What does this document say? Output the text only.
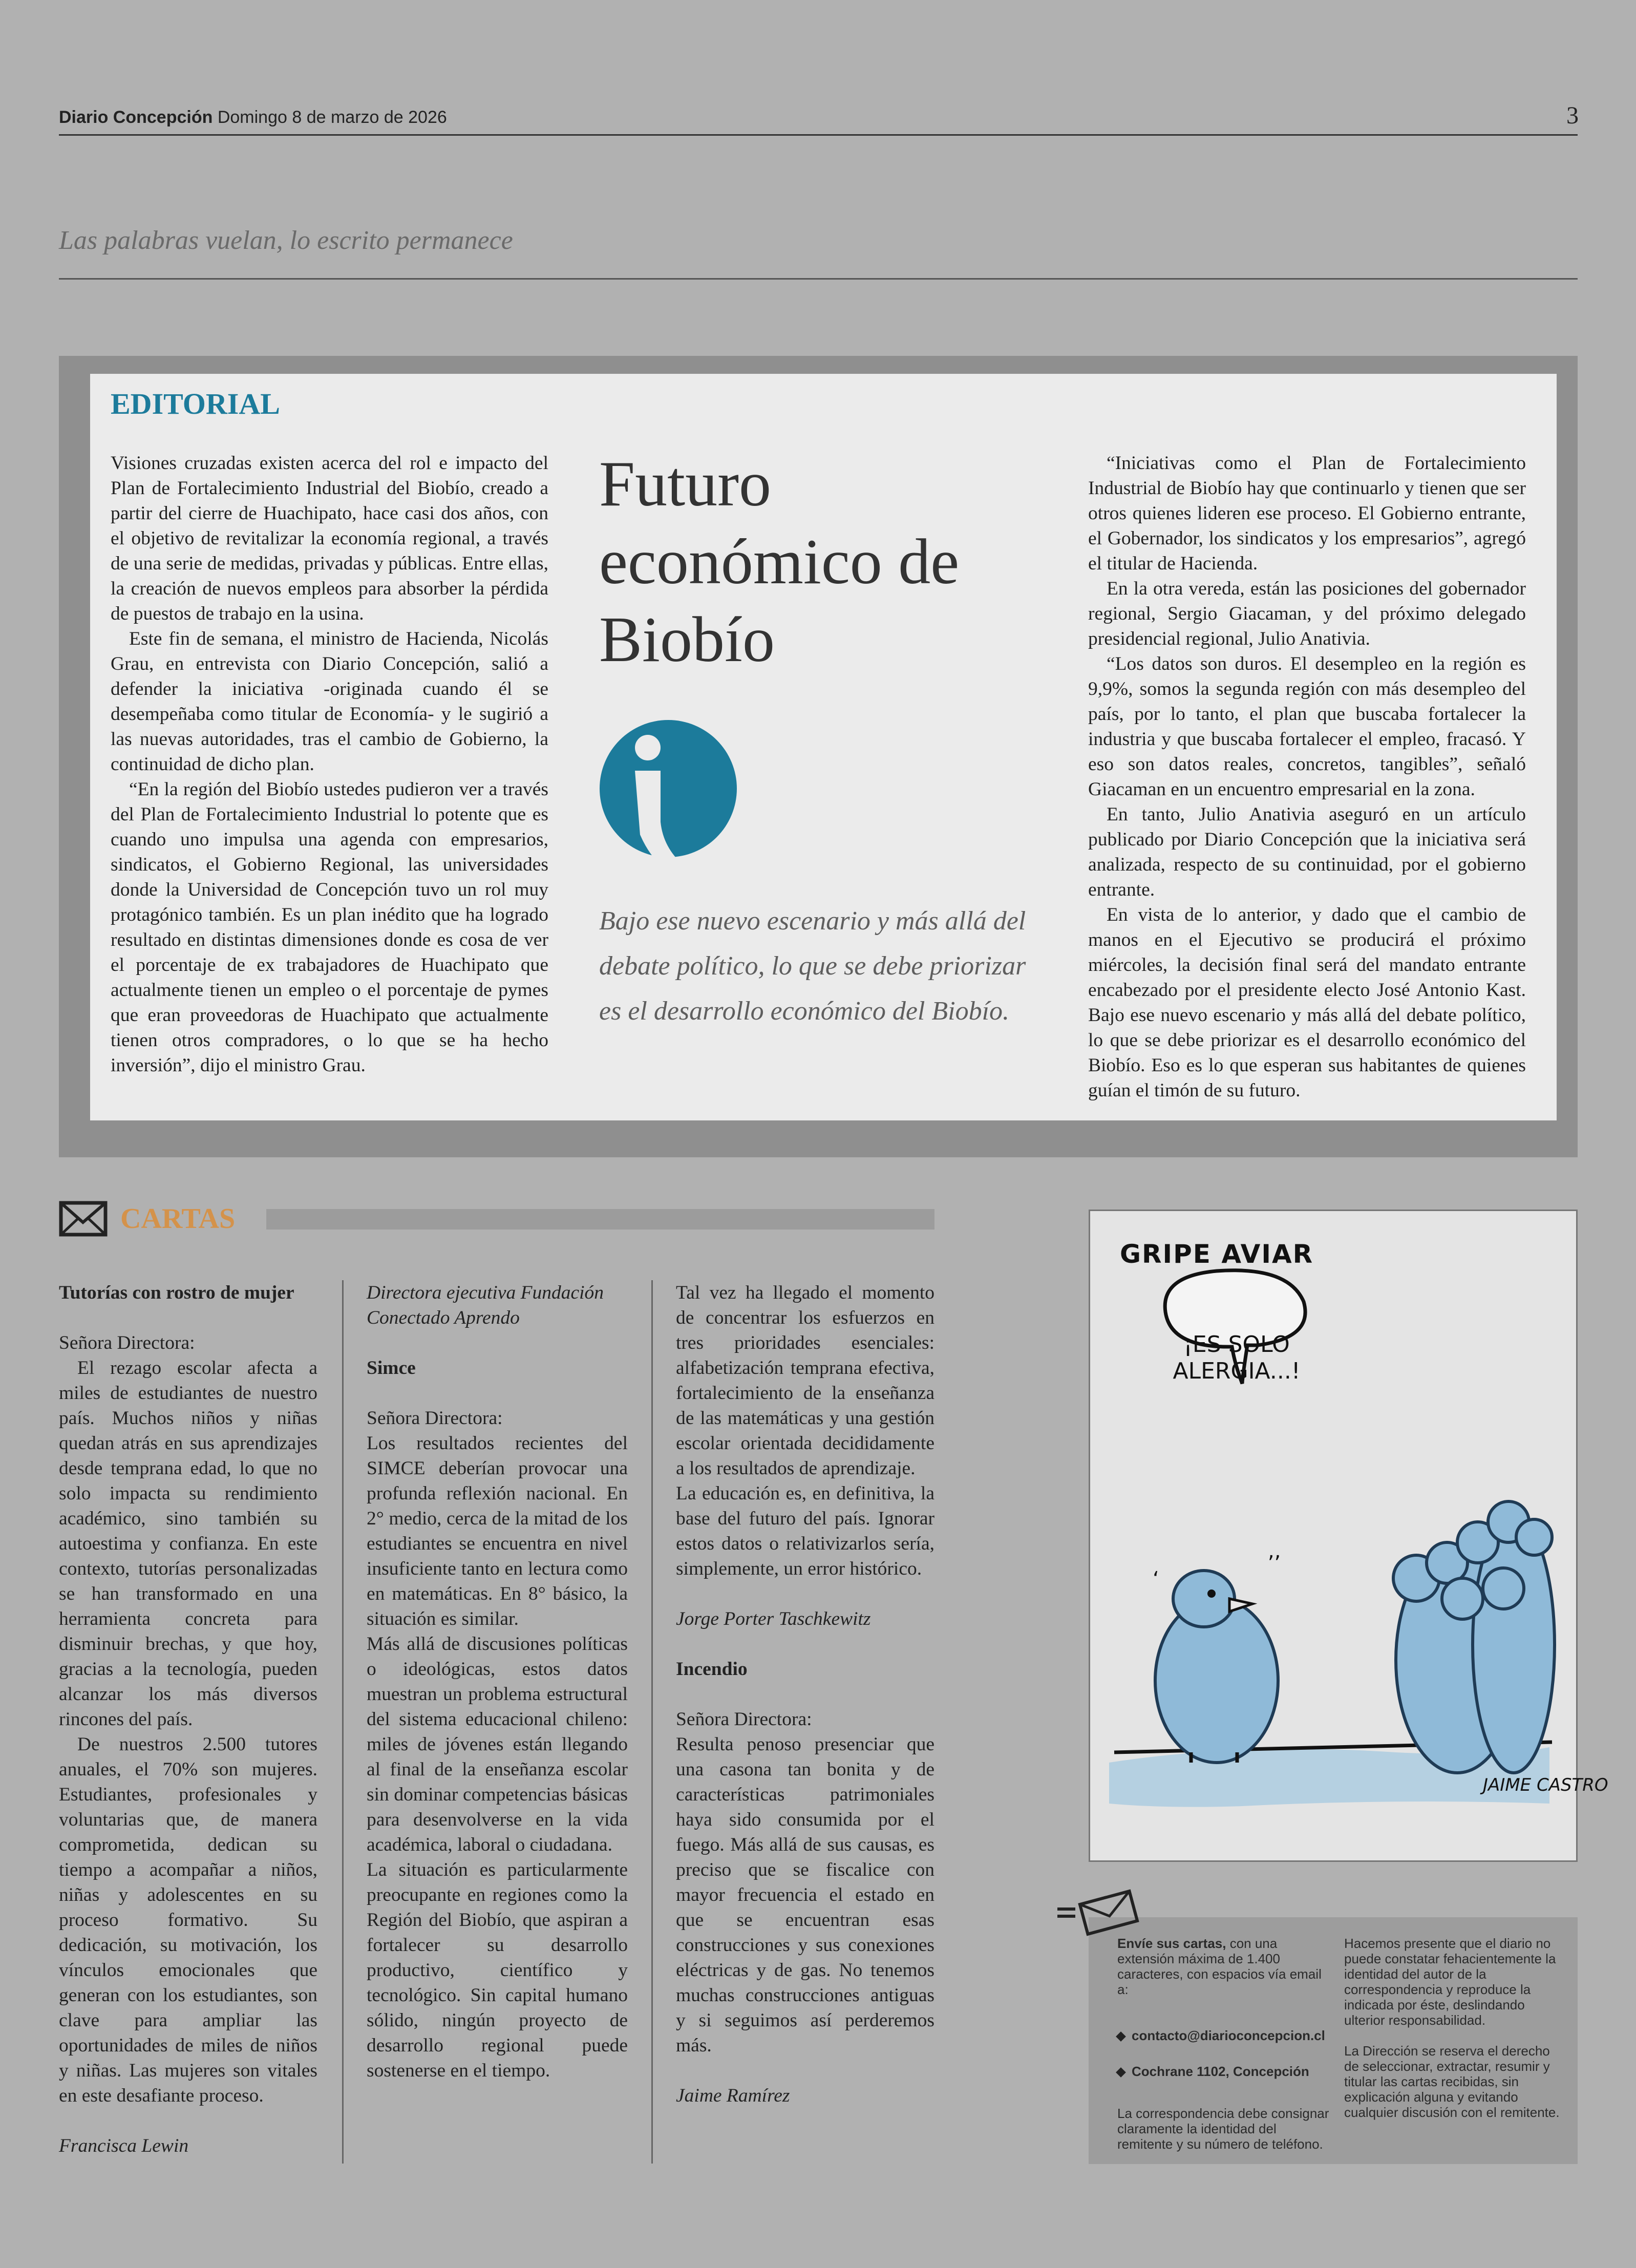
Diario Concepción Domingo 8 de marzo de 2026	3
Las palabras vuelan, lo escrito permanece
EDITORIAL

Visiones cruzadas existen acerca del rol e impacto del Plan de Fortalecimiento Industrial del Biobío, creado a partir del cierre de Huachipato, hace casi dos años, con el objetivo de revitalizar la economía regional, a través de una serie de medidas, privadas y públicas. Entre ellas, la creación de nuevos empleos para absorber la pérdida de puestos de trabajo en la usina.

Este fin de semana, el ministro de Hacienda, Nicolás Grau, en entrevista con Diario Concepción, salió a defender la iniciativa -originada cuando él se desempeñaba como titular de Economía- y le sugirió a las nuevas autoridades, tras el cambio de Gobierno, la continuidad de dicho plan.

“En la región del Biobío ustedes pudieron ver a través del Plan de Fortalecimiento Industrial lo potente que es cuando uno impulsa una agenda con empresarios, sindicatos, el Gobierno Regional, las universidades donde la Universidad de Concepción tuvo un rol muy protagónico también. Es un plan inédito que ha logrado resultado en distintas dimensiones donde es cosa de ver el porcentaje de ex trabajadores de Huachipato que actualmente tienen un empleo o el porcentaje de pymes que eran proveedoras de Huachipato que actualmente tienen otros compradores, o lo que se ha hecho inversión”, dijo el ministro Grau.

Futuro económico de Biobío
Bajo ese nuevo escenario y más allá del debate político, lo que se debe priorizar es el desarrollo económico del Biobío.

“Iniciativas como el Plan de Fortalecimiento Industrial de Biobío hay que continuarlo y tienen que ser otros quienes lideren ese proceso. El Gobierno entrante, el Gobernador, los sindicatos y los empresarios”, agregó el titular de Hacienda.

En la otra vereda, están las posiciones del gobernador regional, Sergio Giacaman, y del próximo delegado presidencial regional, Julio Anativia.

“Los datos son duros. El desempleo en la región es 9,9%, somos la segunda región con más desempleo del país, por lo tanto, el plan que buscaba fortalecer la industria y que buscaba fortalecer el empleo, fracasó. Y eso son datos reales, concretos, tangibles”, señaló Giacaman en un encuentro empresarial en la zona.

En tanto, Julio Anativia aseguró en un artículo publicado por Diario Concepción que la iniciativa será analizada, respecto de su continuidad, por el gobierno entrante.

En vista de lo anterior, y dado que el cambio de manos en el Ejecutivo se producirá el próximo miércoles, la decisión final será del mandato entrante encabezado por el presidente electo José Antonio Kast. Bajo ese nuevo escenario y más allá del debate político, lo que se debe priorizar es el desarrollo económico del Biobío. Eso es lo que esperan sus habitantes de quienes guían el timón de su futuro.

CARTAS

Tutorías con rostro de mujer

Señora Directora:

El rezago escolar afecta a miles de estudiantes de nuestro país. Muchos niños y niñas quedan atrás en sus aprendizajes desde temprana edad, lo que no solo impacta su rendimiento académico, sino también su autoestima y confianza. En este contexto, tutorías personalizadas se han transformado en una herramienta concreta para disminuir brechas, y que hoy, gracias a la tecnología, pueden alcanzar los más diversos rincones del país.

De nuestros 2.500 tutores anuales, el 70% son mujeres. Estudiantes, profesionales y voluntarias que, de manera comprometida, dedican su tiempo a acompañar a niños, niñas y adolescentes en su proceso formativo. Su dedicación, su motivación, los vínculos emocionales que generan con los estudiantes, son clave para ampliar las oportunidades de miles de niños y niñas. Las mujeres son vitales en este desafiante proceso.

Francisca Lewin

Directora ejecutiva Fundación Conectado Aprendo

Simce

Señora Directora:

Los resultados recientes del SIMCE deberían provocar una profunda reflexión nacional. En 2° medio, cerca de la mitad de los estudiantes se encuentra en nivel insuficiente tanto en lectura como en matemáticas. En 8° básico, la situación es similar.

Más allá de discusiones políticas o ideológicas, estos datos muestran un problema estructural del sistema educacional chileno: miles de jóvenes están llegando al final de la enseñanza escolar sin dominar competencias básicas para desenvolverse en la vida académica, laboral o ciudadana.

La situación es particularmente preocupante en regiones como la Región del Biobío, que aspiran a fortalecer su desarrollo productivo, científico y tecnológico. Sin capital humano sólido, ningún proyecto de desarrollo regional puede sostenerse en el tiempo.

Tal vez ha llegado el momento de concentrar los esfuerzos en tres prioridades esenciales: alfabetización temprana efectiva, fortalecimiento de la enseñanza de las matemáticas y una gestión escolar orientada decididamente a los resultados de aprendizaje.

La educación es, en definitiva, la base del futuro del país. Ignorar estos datos o relativizarlos sería, simplemente, un error histórico.

Jorge Porter Taschkewitz

Incendio

Señora Directora:

Resulta penoso presenciar que una casona tan bonita y de características patrimoniales haya sido consumida por el fuego. Más allá de sus causas, es preciso que se fiscalice con mayor frecuencia el estado en que se encuentran esas construcciones y sus conexiones eléctricas y de gas. No tenemos muchas construcciones antiguas y si seguimos así perderemos más.

Jaime Ramírez

‘
,,
JAIME CASTRO
GRIPE AVIAR
¡ES SOLO ALERGIA...!
Envíe sus cartas, con una extensión máxima de 1.400 caracteres, con espacios vía email a:
contacto@diarioconcepcion.cl
Cochrane 1102, Concepción
La correspondencia debe consignar claramente la identidad del remitente y su número de teléfono.
Hacemos presente que el diario no puede constatar fehacientemente la identidad del autor de la correspondencia y reproduce la indicada por éste, deslindando ulterior responsabilidad.
La Dirección se reserva el derecho de seleccionar, extractar, resumir y titular las cartas recibidas, sin explicación alguna y evitando cualquier discusión con el remitente.
